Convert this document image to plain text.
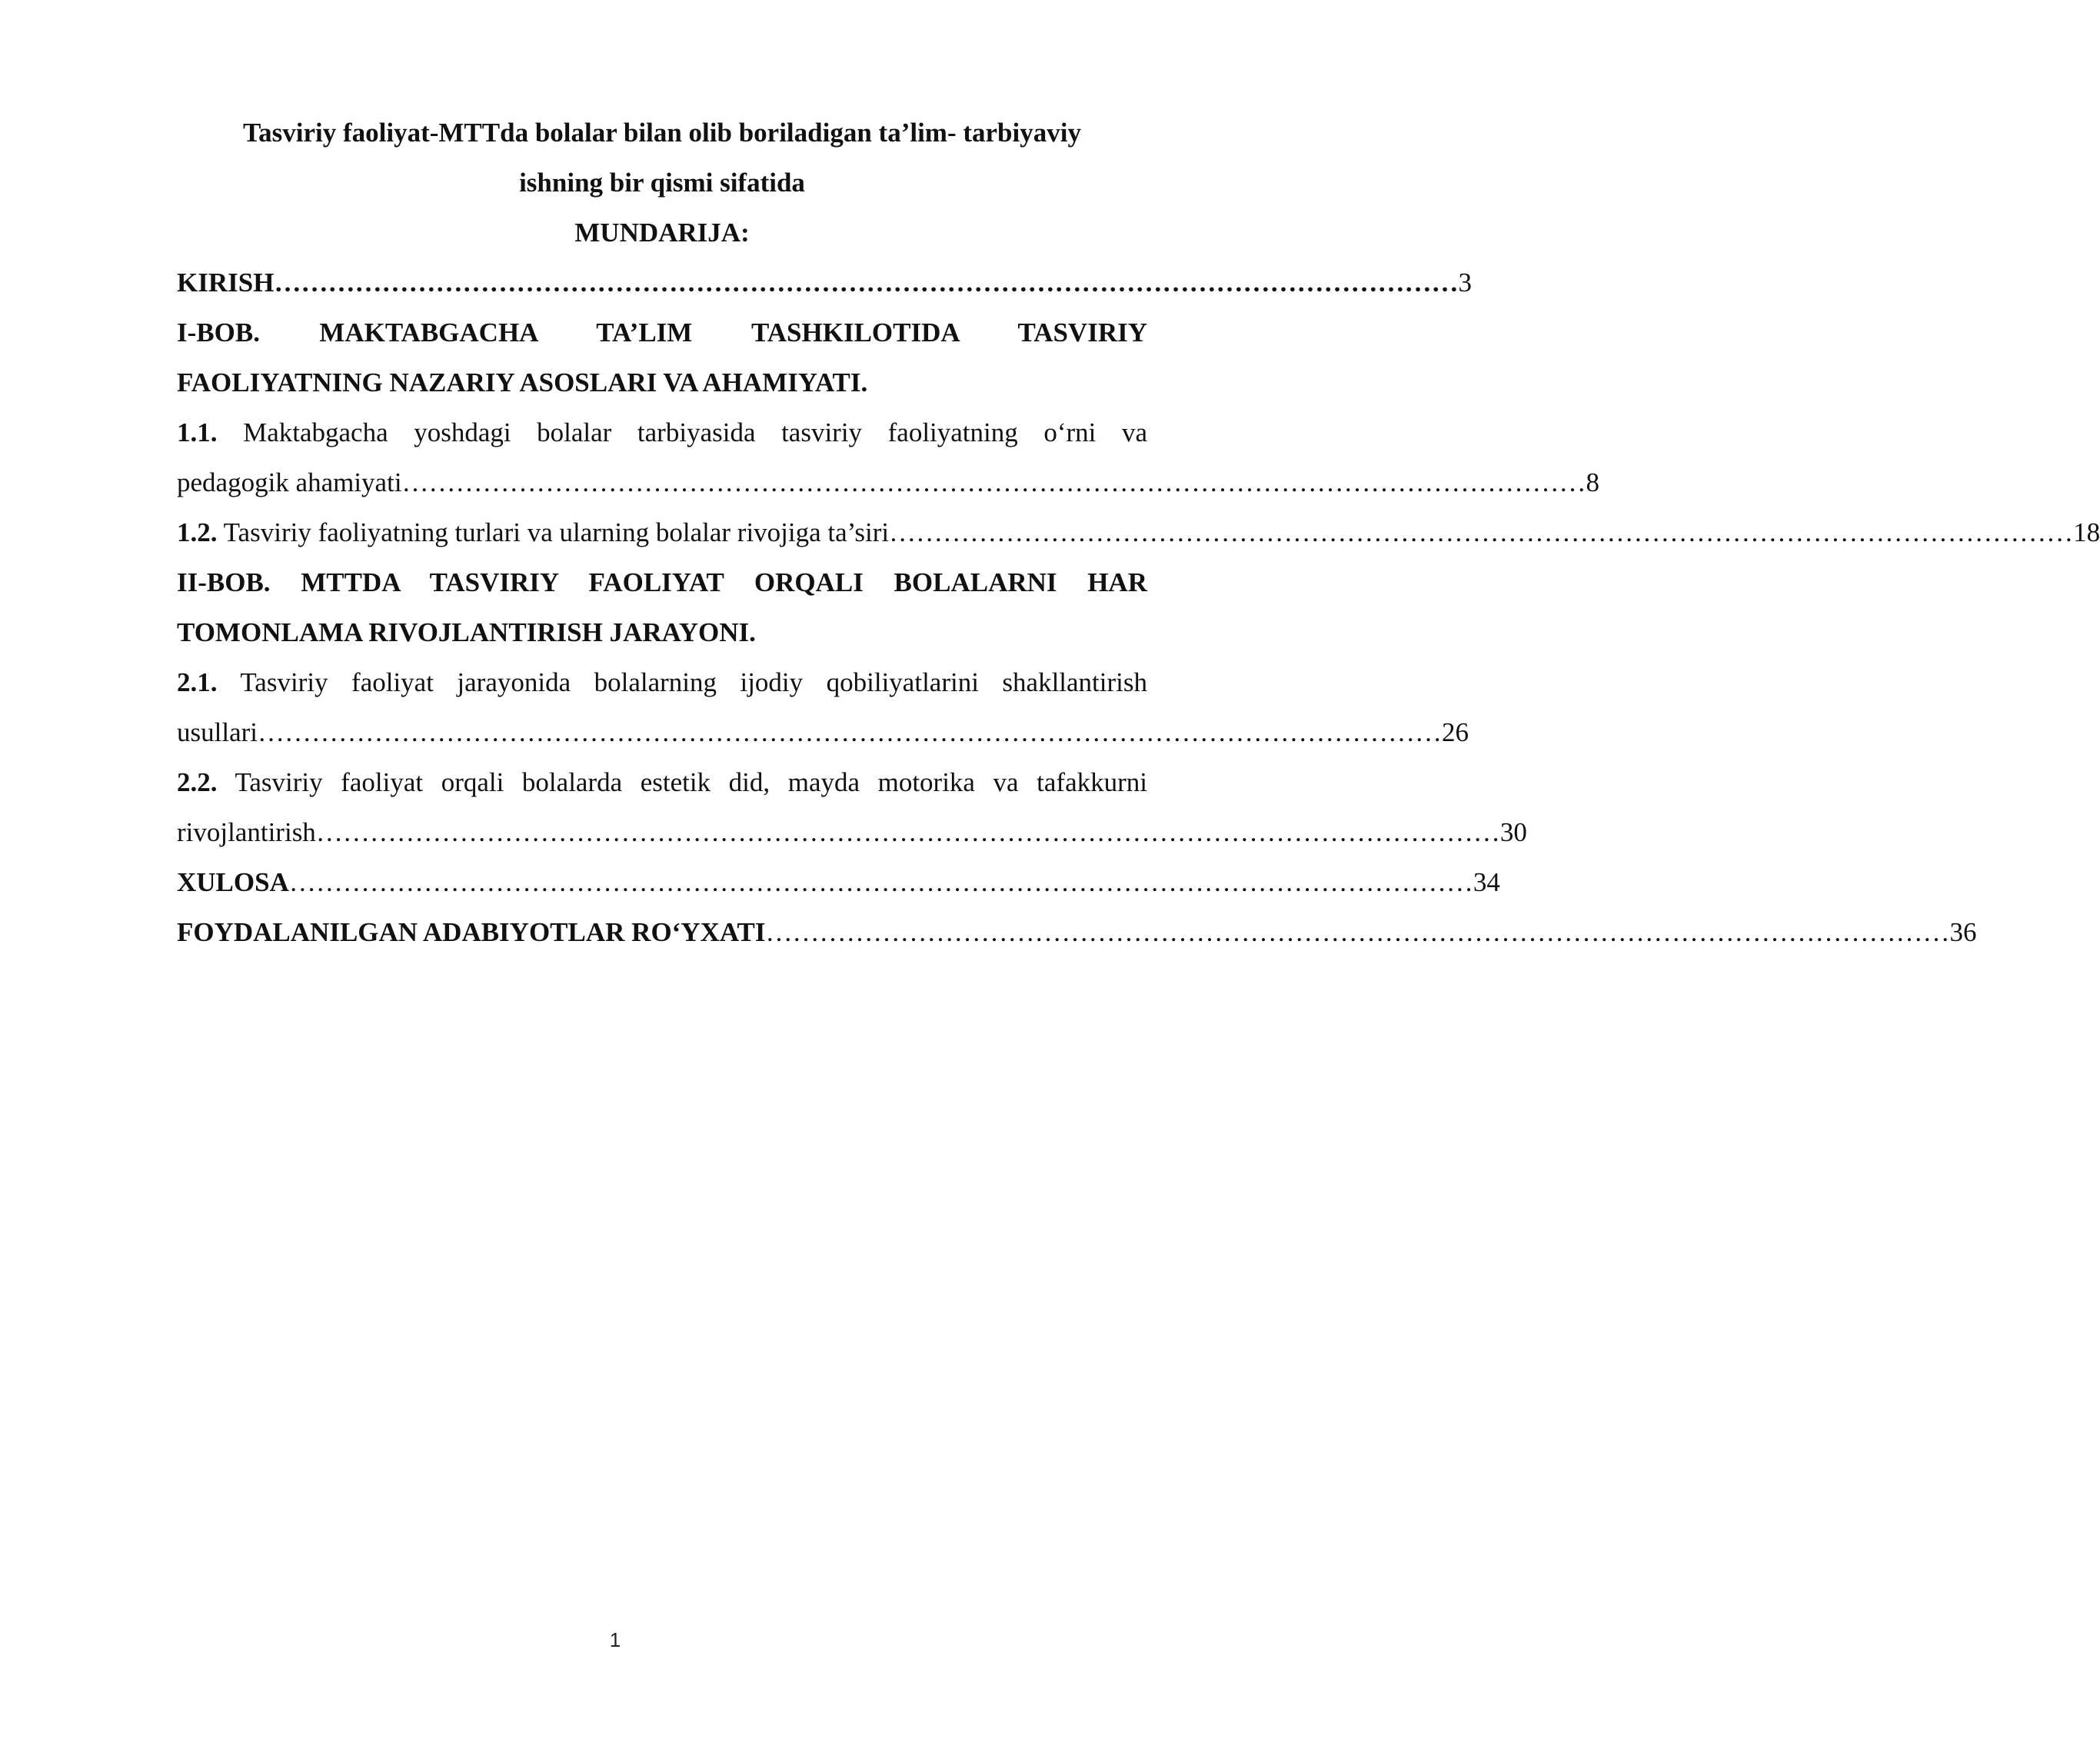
Tasviriy faoliyat-MTTda bolalar bilan olib boriladigan ta’lim- tarbiyaviy

ishning bir qismi sifatida

MUNDARIJA:

KIRISH …………………………………………………………………………………………………………………… 3
I-BOB. MAKTABGACHA TA’LIM TASHKILOTIDA TASVIRIY
FAOLIYATNING NAZARIY ASOSLARI VA AHAMIYATI.
1.1. Maktabgacha yoshdagi bolalar tarbiyasida tasviriy faoliyatning o‘rni va
pedagogik ahamiyati …………………………………………………………………………………………………………………… 8
1.2. Tasviriy faoliyatning turlari va ularning bolalar rivojiga ta’siri …………………………………………………………………………………………………………………… 18
II-BOB. MTTDA TASVIRIY FAOLIYAT ORQALI BOLALARNI HAR
TOMONLAMA RIVOJLANTIRISH JARAYONI.
2.1. Tasviriy faoliyat jarayonida bolalarning ijodiy qobiliyatlarini shakllantirish
usullari …………………………………………………………………………………………………………………… 26
2.2. Tasviriy faoliyat orqali bolalarda estetik did, mayda motorika va tafakkurni
rivojlantirish …………………………………………………………………………………………………………………… 30
XULOSA …………………………………………………………………………………………………………………… 34
FOYDALANILGAN ADABIYOTLAR RO‘YXATI …………………………………………………………………………………………………………………… 36
1
